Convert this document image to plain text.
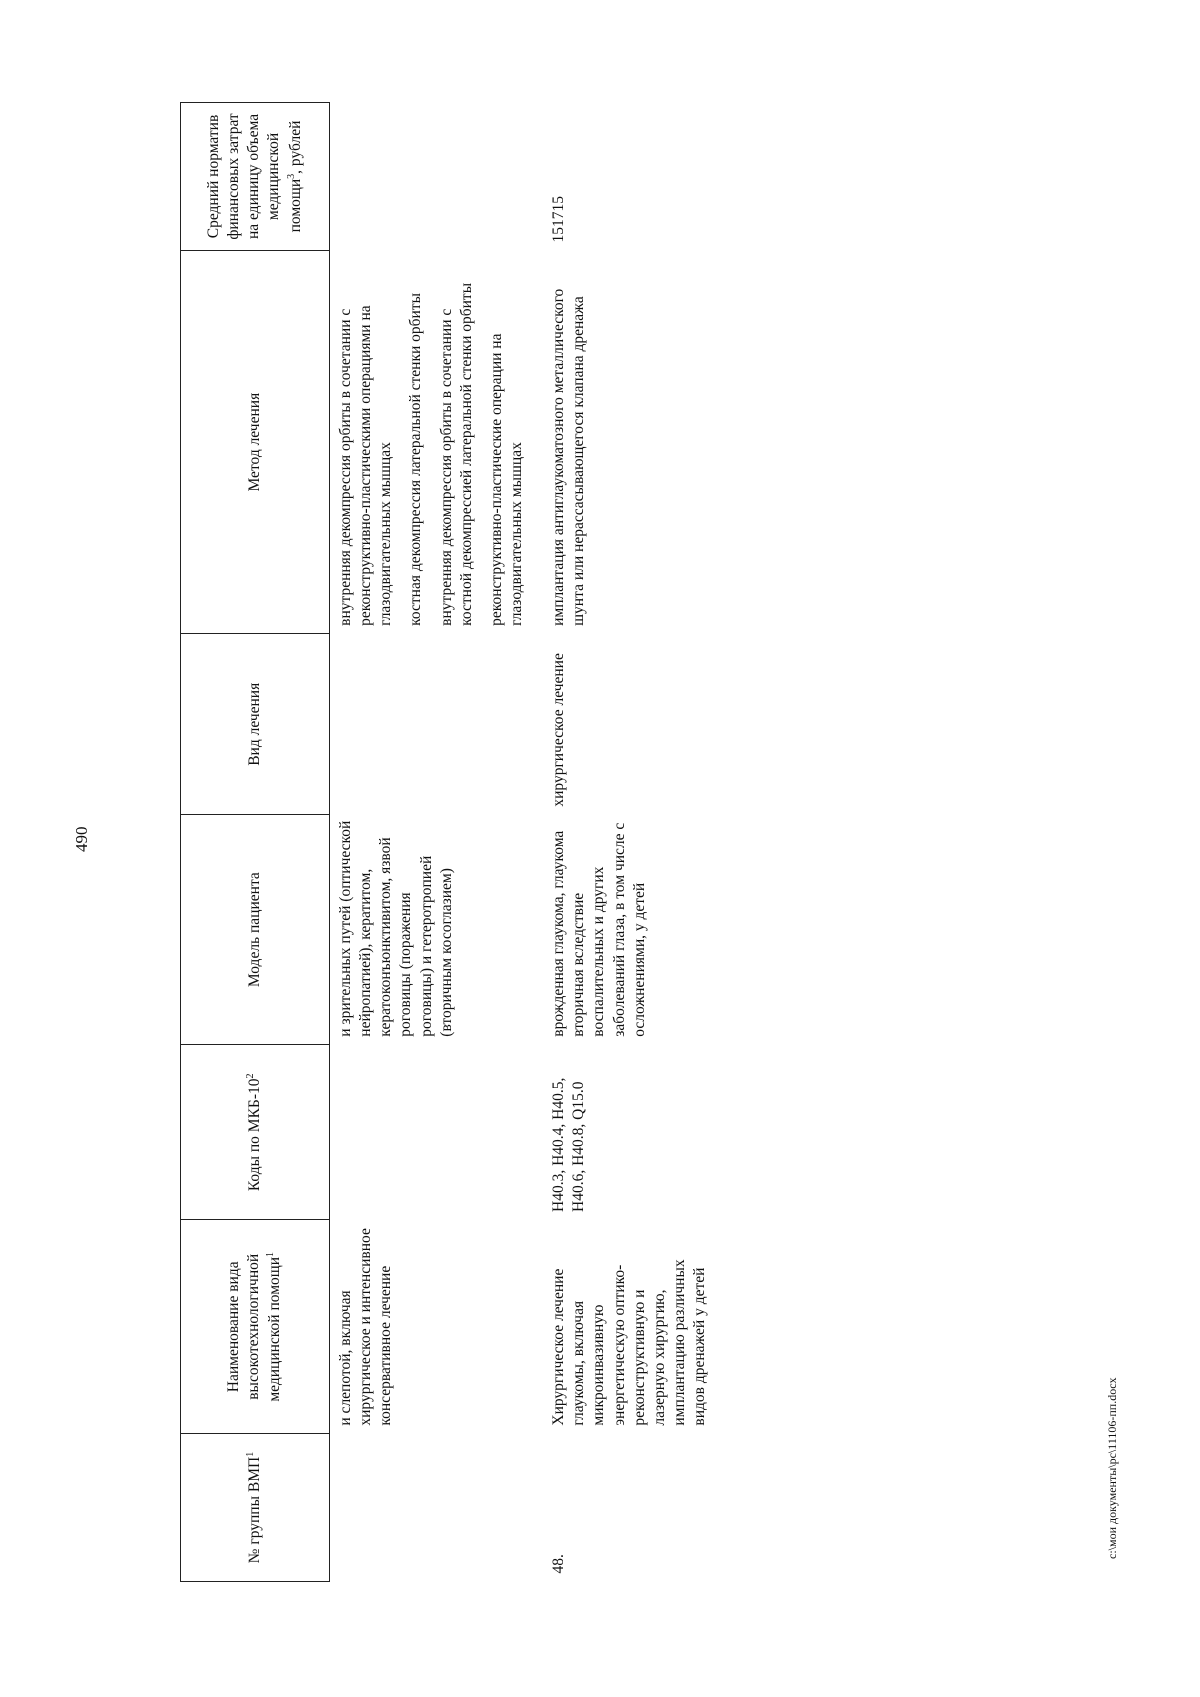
490
№ группы ВМП$^1$	Наименование вида высокотехнологичной медицинской помощи$^1$	Коды по МКБ-$10^2$	Модель пациента	Вид лечения	Метод лечения	Средний норматив финансовых затрат на единицу объема медицинской помощи$^3$, рублей
	и слепотой, включая хирургическое и интенсивное консервативное лечение		и зрительных путей (оптической нейропатией), кератитом, кератоконъюнктивитом, язвой роговицы (поражения роговицы) и гетеротропией (вторичным косоглазием)		внутренняя декомпрессия орбиты в сочетании с реконструктивно-пластическими операциями на глазодвигательных мышцах костная декомпрессия латеральной стенки орбиты внутренняя декомпрессия орбиты в сочетании с костной декомпрессией латеральной стенки орбиты реконструктивно-пластические операции на глазодвигательных мышцах	

48.	Хирургическое лечение глаукомы, включая микроинвазивную энергетическую оптико-реконструктивную и лазерную хирургию, имплантацию различных видов дренажей у детей	H40.3, H40.4, H40.5, H40.6, H40.8, Q15.0	врожденная глаукома, глаукома вторичная вследствие воспалительных и других заболеваний глаза, в том числе с осложнениями, у детей	хирургическое лечение	имплантация антиглаукоматозного металлического шунта или нерассасывающегося клапана дренажа	151715
c:\мои документы\pc\11106-пп.docx
